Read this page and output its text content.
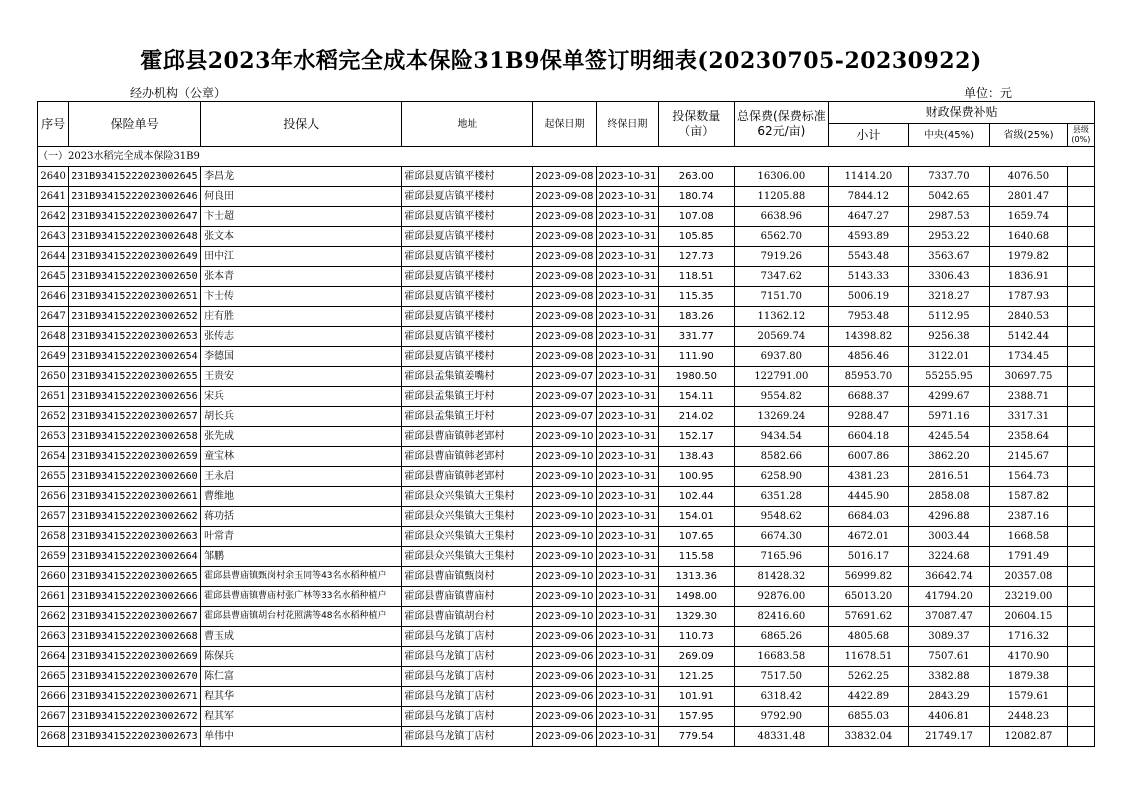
霍邱县2023年水稻完全成本保险31B9保单签订明细表(20230705-20230922)
经办机构（公章）	单位：元
序号	保险单号	投保人	地址	起保日期	终保日期	投保数量（亩）	总保费(保费标准62元/亩)	财政保费补贴			
								小计	中央(45%)	省级(25%)	县级(0%)
（一）2023水稻完全成本保险31B9											
2640	231B93415222023002645	李昌龙	霍邱县夏店镇平楼村	2023-09-08	2023-10-31	263.00	16306.00	11414.20	7337.70	4076.50	
2641	231B93415222023002646	何良田	霍邱县夏店镇平楼村	2023-09-08	2023-10-31	180.74	11205.88	7844.12	5042.65	2801.47	
2642	231B93415222023002647	卞士超	霍邱县夏店镇平楼村	2023-09-08	2023-10-31	107.08	6638.96	4647.27	2987.53	1659.74	
2643	231B93415222023002648	张文本	霍邱县夏店镇平楼村	2023-09-08	2023-10-31	105.85	6562.70	4593.89	2953.22	1640.68	
2644	231B93415222023002649	田中江	霍邱县夏店镇平楼村	2023-09-08	2023-10-31	127.73	7919.26	5543.48	3563.67	1979.82	
2645	231B93415222023002650	张本青	霍邱县夏店镇平楼村	2023-09-08	2023-10-31	118.51	7347.62	5143.33	3306.43	1836.91	
2646	231B93415222023002651	卞士传	霍邱县夏店镇平楼村	2023-09-08	2023-10-31	115.35	7151.70	5006.19	3218.27	1787.93	
2647	231B93415222023002652	庄有胜	霍邱县夏店镇平楼村	2023-09-08	2023-10-31	183.26	11362.12	7953.48	5112.95	2840.53	
2648	231B93415222023002653	张传志	霍邱县夏店镇平楼村	2023-09-08	2023-10-31	331.77	20569.74	14398.82	9256.38	5142.44	
2649	231B93415222023002654	李德国	霍邱县夏店镇平楼村	2023-09-08	2023-10-31	111.90	6937.80	4856.46	3122.01	1734.45	
2650	231B93415222023002655	王贵安	霍邱县孟集镇姜嘴村	2023-09-07	2023-10-31	1980.50	122791.00	85953.70	55255.95	30697.75	
2651	231B93415222023002656	宋兵	霍邱县孟集镇王圩村	2023-09-07	2023-10-31	154.11	9554.82	6688.37	4299.67	2388.71	
2652	231B93415222023002657	胡长兵	霍邱县孟集镇王圩村	2023-09-07	2023-10-31	214.02	13269.24	9288.47	5971.16	3317.31	
2653	231B93415222023002658	张先成	霍邱县曹庙镇韩老郢村	2023-09-10	2023-10-31	152.17	9434.54	6604.18	4245.54	2358.64	
2654	231B93415222023002659	童宝林	霍邱县曹庙镇韩老郢村	2023-09-10	2023-10-31	138.43	8582.66	6007.86	3862.20	2145.67	
2655	231B93415222023002660	王永启	霍邱县曹庙镇韩老郢村	2023-09-10	2023-10-31	100.95	6258.90	4381.23	2816.51	1564.73	
2656	231B93415222023002661	曹维地	霍邱县众兴集镇大王集村	2023-09-10	2023-10-31	102.44	6351.28	4445.90	2858.08	1587.82	
2657	231B93415222023002662	蒋功括	霍邱县众兴集镇大王集村	2023-09-10	2023-10-31	154.01	9548.62	6684.03	4296.88	2387.16	
2658	231B93415222023002663	叶常青	霍邱县众兴集镇大王集村	2023-09-10	2023-10-31	107.65	6674.30	4672.01	3003.44	1668.58	
2659	231B93415222023002664	邹鹏	霍邱县众兴集镇大王集村	2023-09-10	2023-10-31	115.58	7165.96	5016.17	3224.68	1791.49	
2660	231B93415222023002665	霍邱县曹庙镇甄岗村余玉同等43名水稻种植户	霍邱县曹庙镇甄岗村	2023-09-10	2023-10-31	1313.36	81428.32	56999.82	36642.74	20357.08	
2661	231B93415222023002666	霍邱县曹庙镇曹庙村张广林等33名水稻种植户	霍邱县曹庙镇曹庙村	2023-09-10	2023-10-31	1498.00	92876.00	65013.20	41794.20	23219.00	
2662	231B93415222023002667	霍邱县曹庙镇胡台村花照满等48名水稻种植户	霍邱县曹庙镇胡台村	2023-09-10	2023-10-31	1329.30	82416.60	57691.62	37087.47	20604.15	
2663	231B93415222023002668	曹玉成	霍邱县乌龙镇丁店村	2023-09-06	2023-10-31	110.73	6865.26	4805.68	3089.37	1716.32	
2664	231B93415222023002669	陈保兵	霍邱县乌龙镇丁店村	2023-09-06	2023-10-31	269.09	16683.58	11678.51	7507.61	4170.90	
2665	231B93415222023002670	陈仁富	霍邱县乌龙镇丁店村	2023-09-06	2023-10-31	121.25	7517.50	5262.25	3382.88	1879.38	
2666	231B93415222023002671	程其华	霍邱县乌龙镇丁店村	2023-09-06	2023-10-31	101.91	6318.42	4422.89	2843.29	1579.61	
2667	231B93415222023002672	程其军	霍邱县乌龙镇丁店村	2023-09-06	2023-10-31	157.95	9792.90	6855.03	4406.81	2448.23	
2668	231B93415222023002673	单伟中	霍邱县乌龙镇丁店村	2023-09-06	2023-10-31	779.54	48331.48	33832.04	21749.17	12082.87	
